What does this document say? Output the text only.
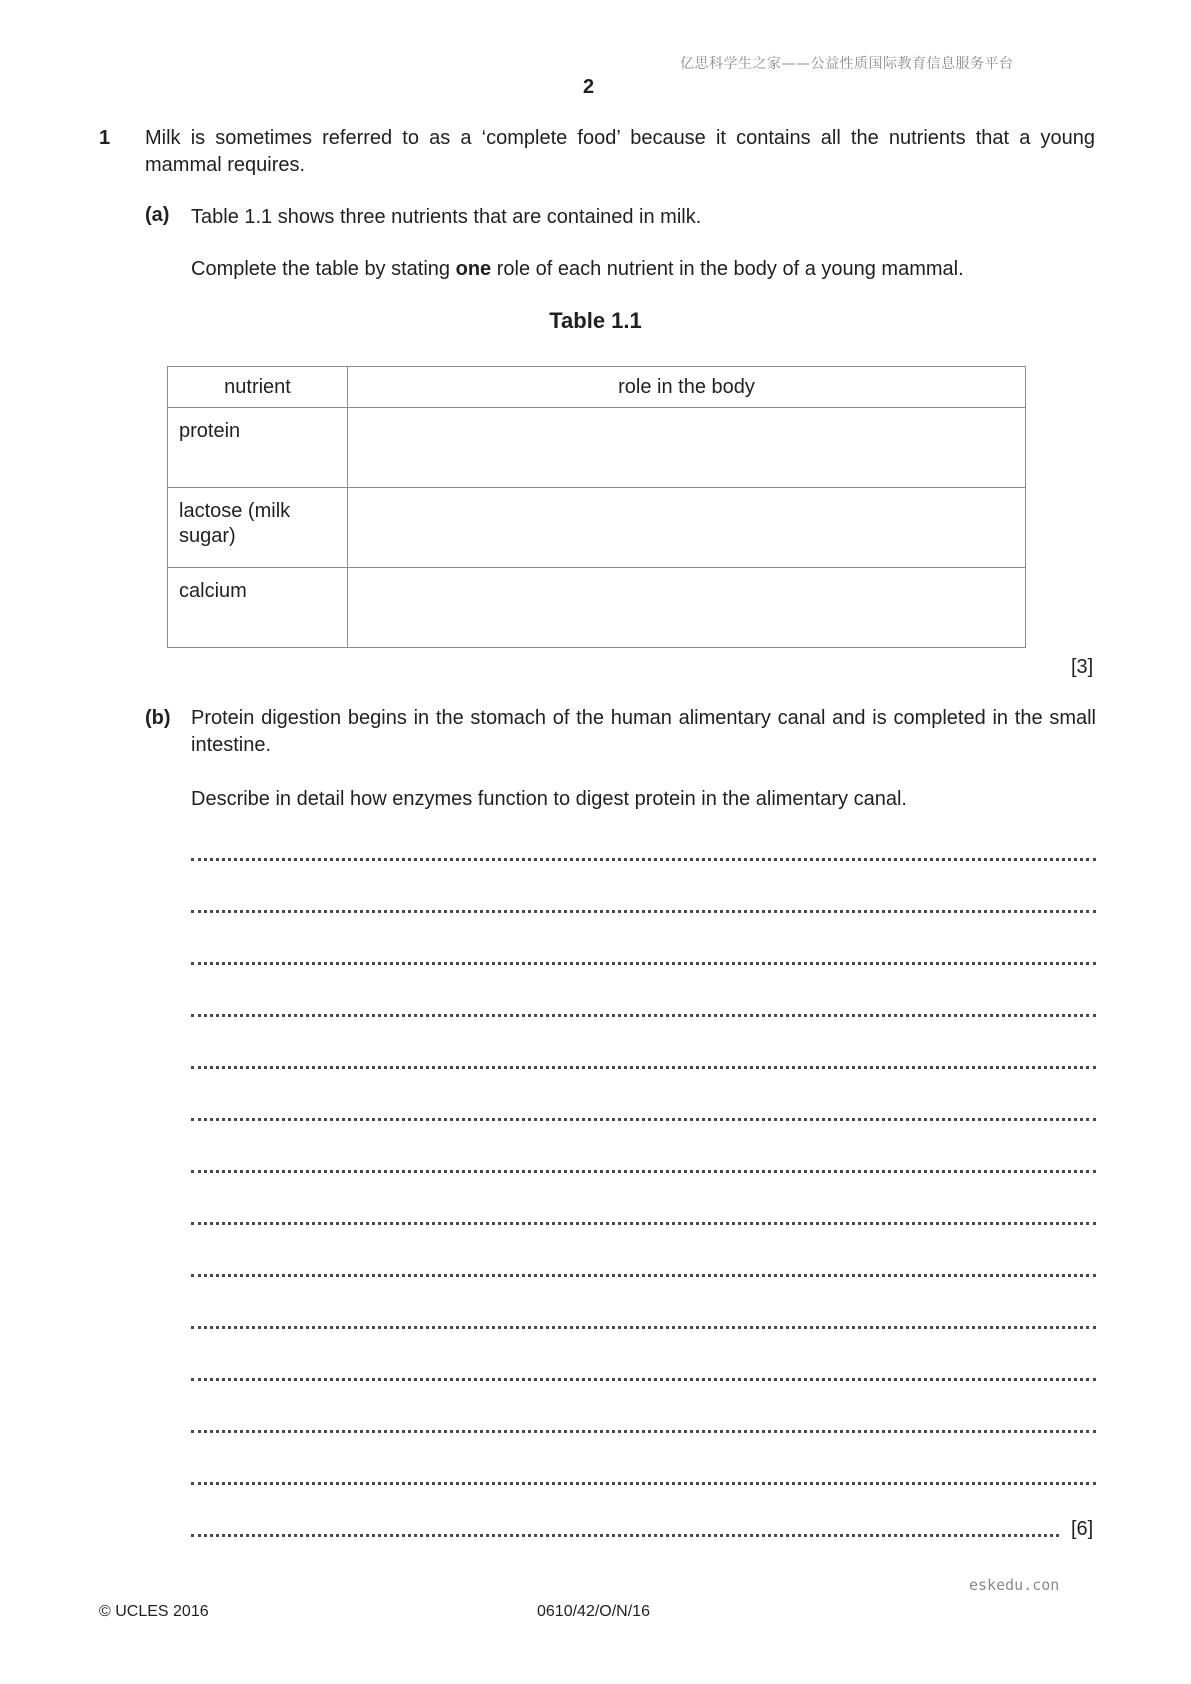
亿思科学生之家——公益性质国际教育信息服务平台
2
1 Milk is sometimes referred to as a ‘complete food’ because it contains all the nutrients that a young mammal requires.
(a) Table 1.1 shows three nutrients that are contained in milk.
Complete the table by stating one role of each nutrient in the body of a young mammal.
Table 1.1
nutrient	role in the body
protein	
lactose (milk sugar)	
calcium	
[3]
(b) Protein digestion begins in the stomach of the human alimentary canal and is completed in the small intestine.
Describe in detail how enzymes function to digest protein in the alimentary canal.
[6]
eskedu.con
© UCLES 2016	0610/42/O/N/16
